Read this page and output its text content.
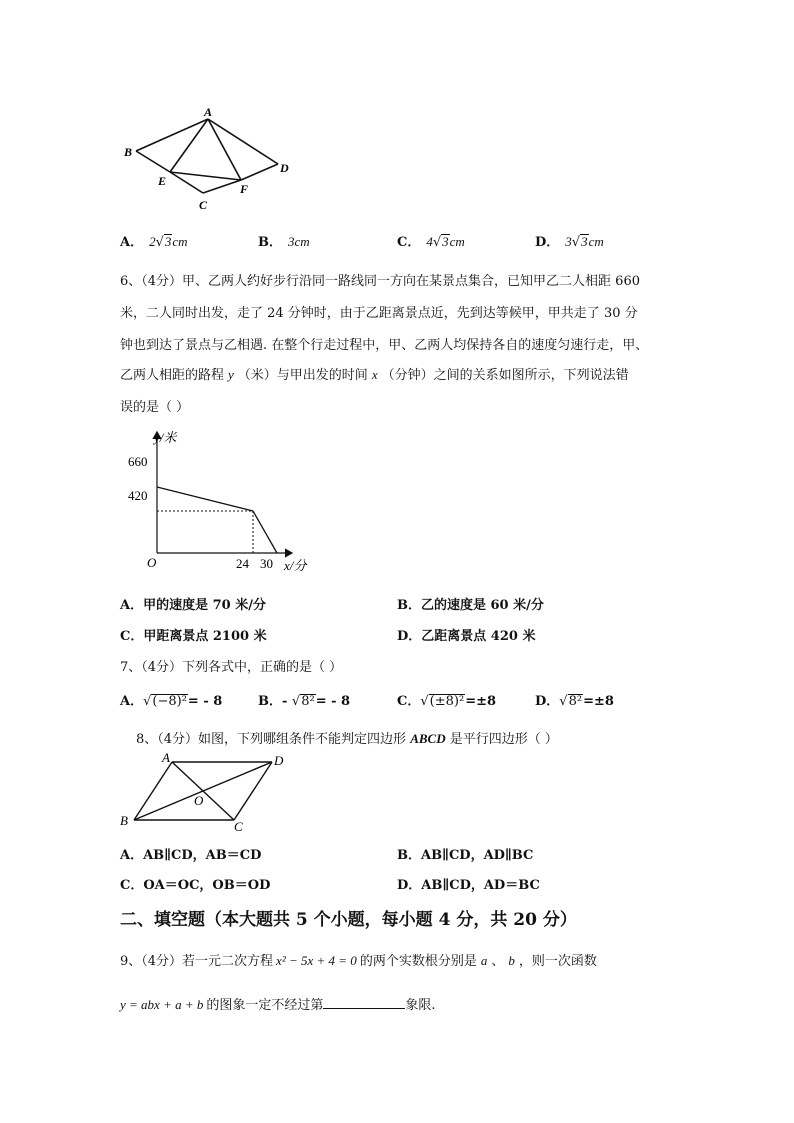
A
B
D
E
F
C
A． 2√3cm	B． 3cm	C． 4√3cm	D． 3√3cm
6、（4分）甲、乙两人约好步行沿同一路线同一方向在某景点集合，已知甲乙二人相距 660
米，二人同时出发，走了 24 分钟时，由于乙距离景点近，先到达等候甲，甲共走了 30 分
钟也到达了景点与乙相遇. 在整个行走过程中，甲、乙两人均保持各自的速度匀速行走，甲、
乙两人相距的路程 y （米）与甲出发的时间 x （分钟）之间的关系如图所示，下列说法错
误的是（ ）
y/米
x/分
O
660
420
24 30
A．甲的速度是 70 米/分	B．乙的速度是 60 米/分
C．甲距离景点 2100 米	D．乙距离景点 420 米
7、（4分）下列各式中，正确的是（ ）
A．√(−8)²= - 8	B．- √8²= - 8	C．√(±8)²=±8	D．√8²=±8
8、（4分）如图，下列哪组条件不能判定四边形 ABCD 是平行四边形（ ）
A	D
B	C
O
A．AB∥CD，AB＝CD	B．AB∥CD，AD∥BC
C．OA＝OC，OB＝OD	D．AB∥CD，AD＝BC
二、填空题（本大题共 5 个小题，每小题 4 分，共 20 分）
9、（4分）若一元二次方程 x² − 5x + 4 = 0 的两个实数根分别是 a 、 b ，则一次函数
y = abx + a + b 的图象一定不经过第	象限.
